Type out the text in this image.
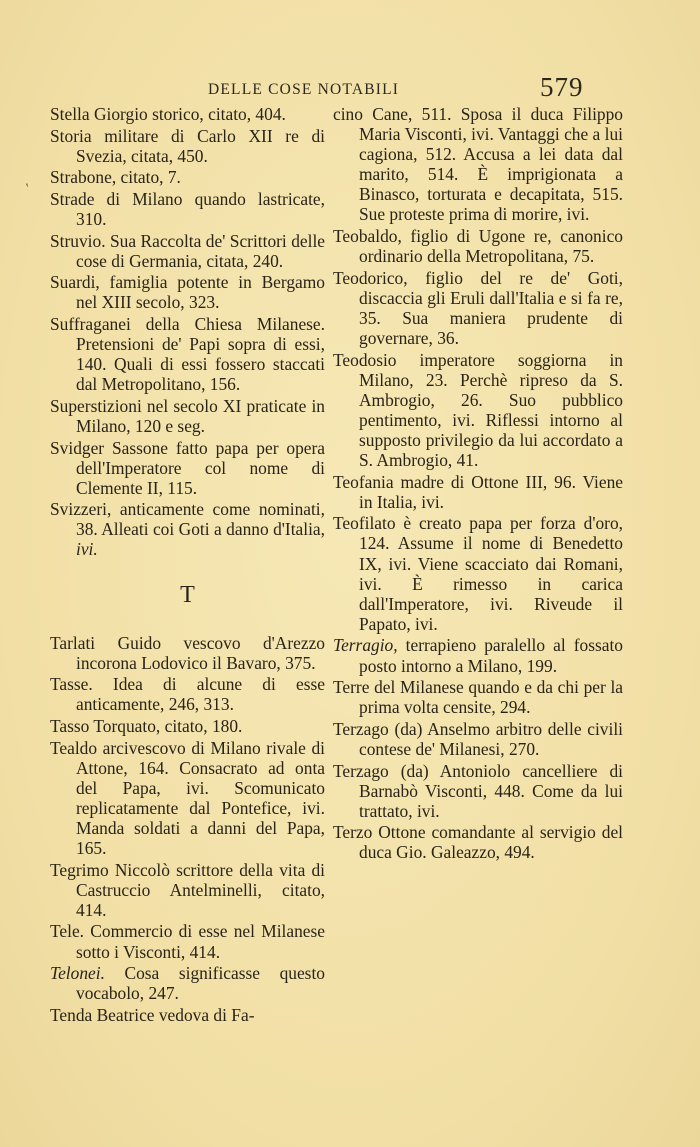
DELLE COSE NOTABILI	579
′

Stella Giorgio storico, citato, 404.

Storia militare di Carlo XII re di Svezia, citata, 450.

Strabone, citato, 7.

Strade di Milano quando lastricate, 310.

Struvio. Sua Raccolta de' Scrittori delle cose di Germania, citata, 240.

Suardi, famiglia potente in Bergamo nel XIII secolo, 323.

Suffraganei della Chiesa Milanese. Pretensioni de' Papi sopra di essi, 140. Quali di essi fossero staccati dal Metropolitano, 156.

Superstizioni nel secolo XI praticate in Milano, 120 e seg.

Svidger Sassone fatto papa per opera dell'Imperatore col nome di Clemente II, 115.

Svizzeri, anticamente come nominati, 38. Alleati coi Goti a danno d'Italia, ivi.

T

Tarlati Guido vescovo d'Arezzo incorona Lodovico il Bavaro, 375.

Tasse. Idea di alcune di esse anticamente, 246, 313.

Tasso Torquato, citato, 180.

Tealdo arcivescovo di Milano rivale di Attone, 164. Consacrato ad onta del Papa, ivi. Scomunicato replicatamente dal Pontefice, ivi. Manda soldati a danni del Papa, 165.

Tegrimo Niccolò scrittore della vita di Castruccio Antelminelli, citato, 414.

Tele. Commercio di esse nel Milanese sotto i Visconti, 414.

Telonei. Cosa significasse questo vocabolo, 247.

Tenda Beatrice vedova di Fa-

cino Cane, 511. Sposa il duca Filippo Maria Visconti, ivi. Vantaggi che a lui cagiona, 512. Accusa a lei data dal marito, 514. È imprigionata a Binasco, torturata e decapitata, 515. Sue proteste prima di morire, ivi.

Teobaldo, figlio di Ugone re, canonico ordinario della Metropolitana, 75.

Teodorico, figlio del re de' Goti, discaccia gli Eruli dall'Italia e si fa re, 35. Sua maniera prudente di governare, 36.

Teodosio imperatore soggiorna in Milano, 23. Perchè ripreso da S. Ambrogio, 26. Suo pubblico pentimento, ivi. Riflessi intorno al supposto privilegio da lui accordato a S. Ambrogio, 41.

Teofania madre di Ottone III, 96. Viene in Italia, ivi.

Teofilato è creato papa per forza d'oro, 124. Assume il nome di Benedetto IX, ivi. Viene scacciato dai Romani, ivi. È rimesso in carica dall'Imperatore, ivi. Riveude il Papato, ivi.

Terragio, terrapieno paralello al fossato posto intorno a Milano, 199.

Terre del Milanese quando e da chi per la prima volta censite, 294.

Terzago (da) Anselmo arbitro delle civili contese de' Milanesi, 270.

Terzago (da) Antoniolo cancelliere di Barnabò Visconti, 448. Come da lui trattato, ivi.

Terzo Ottone comandante al servigio del duca Gio. Galeazzo, 494.
